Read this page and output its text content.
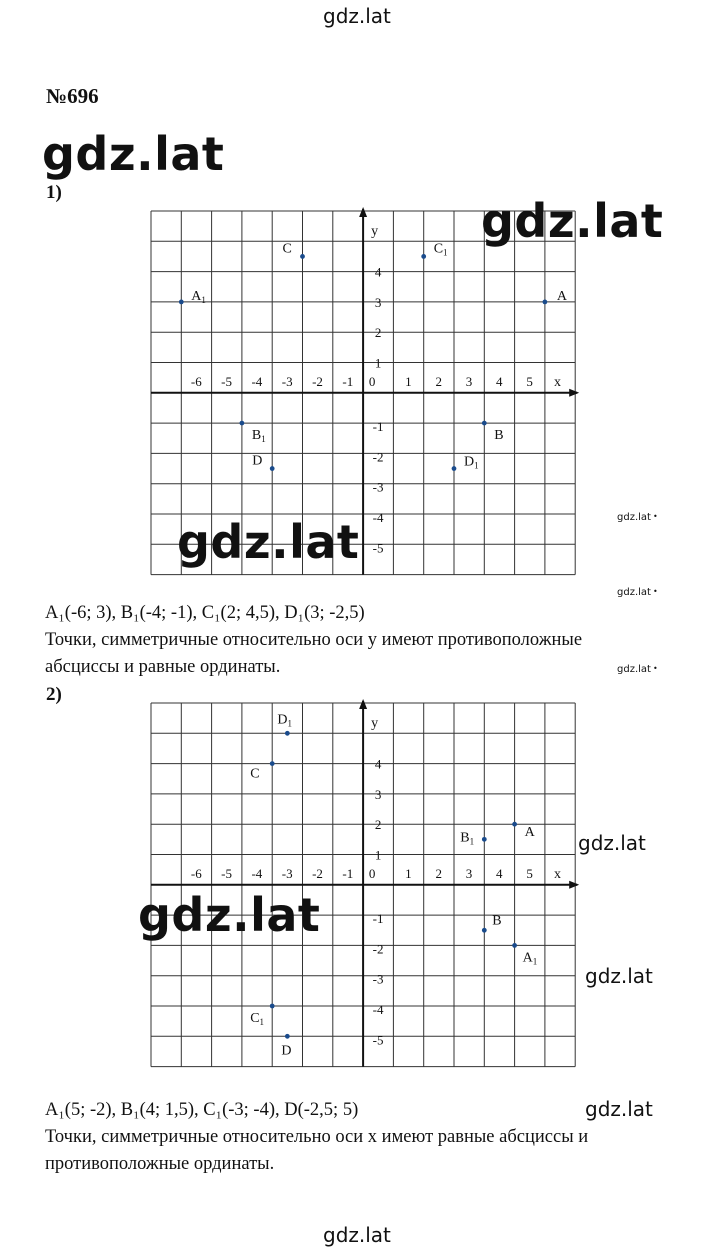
gdz.lat
№696
1)
x
y
-6 -5 -4 -3 -2 -1 0 1 2 3 4 5
4
3
2
1
-1
-2
-3
-4
-5
A
$A_1$
B
$B_1$
C	$C_1$
D	$D_1$
A₁(-6; 3), B₁(-4; -1), C₁(2; 4,5), D₁(3; -2,5)
Точки, симметричные относительно оси y имеют противоположные
абсциссы и равные ординаты.
2)
x
y
-6 -5 -4 -3 -2 -1 0 1 2 3 4 5
4
3
2
1
-1
-2
-3
-4
-5
A
$A_1$
B
$B_1$
C
$C_1$
$D_1$
D
A₁(5; -2), B₁(4; 1,5), C₁(-3; -4), D(-2,5; 5)
Точки, симметричные относительно оси x имеют равные абсциссы и
противоположные ординаты.
gdz.lat
gdz.lat
gdz.lat
gdz.lat
gdz.lat •
gdz.lat •
gdz.lat •
gdz.lat
gdz.lat
gdz.lat
gdz.lat
